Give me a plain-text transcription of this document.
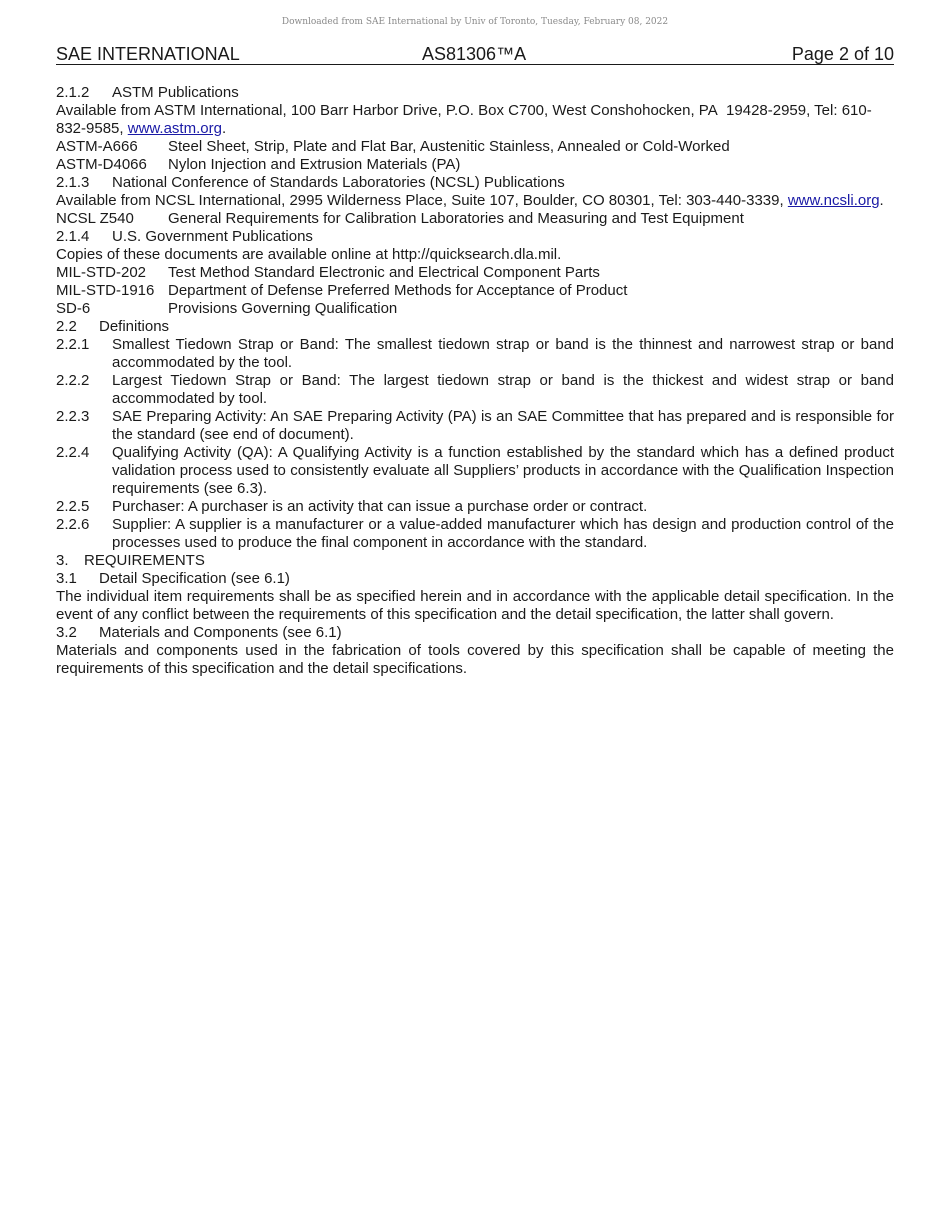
Downloaded from SAE International by Univ of Toronto, Tuesday, February 08, 2022
SAE INTERNATIONAL	AS81306™A	Page 2 of 10

2.1.2 ASTM Publications

Available from ASTM International, 100 Barr Harbor Drive, P.O. Box C700, West Conshohocken, PA  19428-2959, Tel: 610-832-9585, www.astm.org.

ASTM-A666 Steel Sheet, Strip, Plate and Flat Bar, Austenitic Stainless, Annealed or Cold-Worked

ASTM-D4066 Nylon Injection and Extrusion Materials (PA)

2.1.3 National Conference of Standards Laboratories (NCSL) Publications

Available from NCSL International, 2995 Wilderness Place, Suite 107, Boulder, CO 80301, Tel: 303-440-3339, www.ncsli.org.

NCSL Z540 General Requirements for Calibration Laboratories and Measuring and Test Equipment

2.1.4 U.S. Government Publications

Copies of these documents are available online at http://quicksearch.dla.mil.

MIL-STD-202 Test Method Standard Electronic and Electrical Component Parts

MIL-STD-1916 Department of Defense Preferred Methods for Acceptance of Product

SD-6	Provisions Governing Qualification

2.2 Definitions

2.2.1 Smallest Tiedown Strap or Band: The smallest tiedown strap or band is the thinnest and narrowest strap or band accommodated by the tool.

2.2.2 Largest Tiedown Strap or Band: The largest tiedown strap or band is the thickest and widest strap or band accommodated by tool.

2.2.3 SAE Preparing Activity: An SAE Preparing Activity (PA) is an SAE Committee that has prepared and is responsible for the standard (see end of document).

2.2.4 Qualifying Activity (QA): A Qualifying Activity is a function established by the standard which has a defined product validation process used to consistently evaluate all Suppliers’ products in accordance with the Qualification Inspection requirements (see 6.3).

2.2.5 Purchaser: A purchaser is an activity that can issue a purchase order or contract.

2.2.6 Supplier: A supplier is a manufacturer or a value-added manufacturer which has design and production control of the processes used to produce the final component in accordance with the standard.

3. REQUIREMENTS

3.1 Detail Specification (see 6.1)

The individual item requirements shall be as specified herein and in accordance with the applicable detail specification. In the event of any conflict between the requirements of this specification and the detail specification, the latter shall govern.

3.2 Materials and Components (see 6.1)

Materials and components used in the fabrication of tools covered by this specification shall be capable of meeting the requirements of this specification and the detail specifications.
